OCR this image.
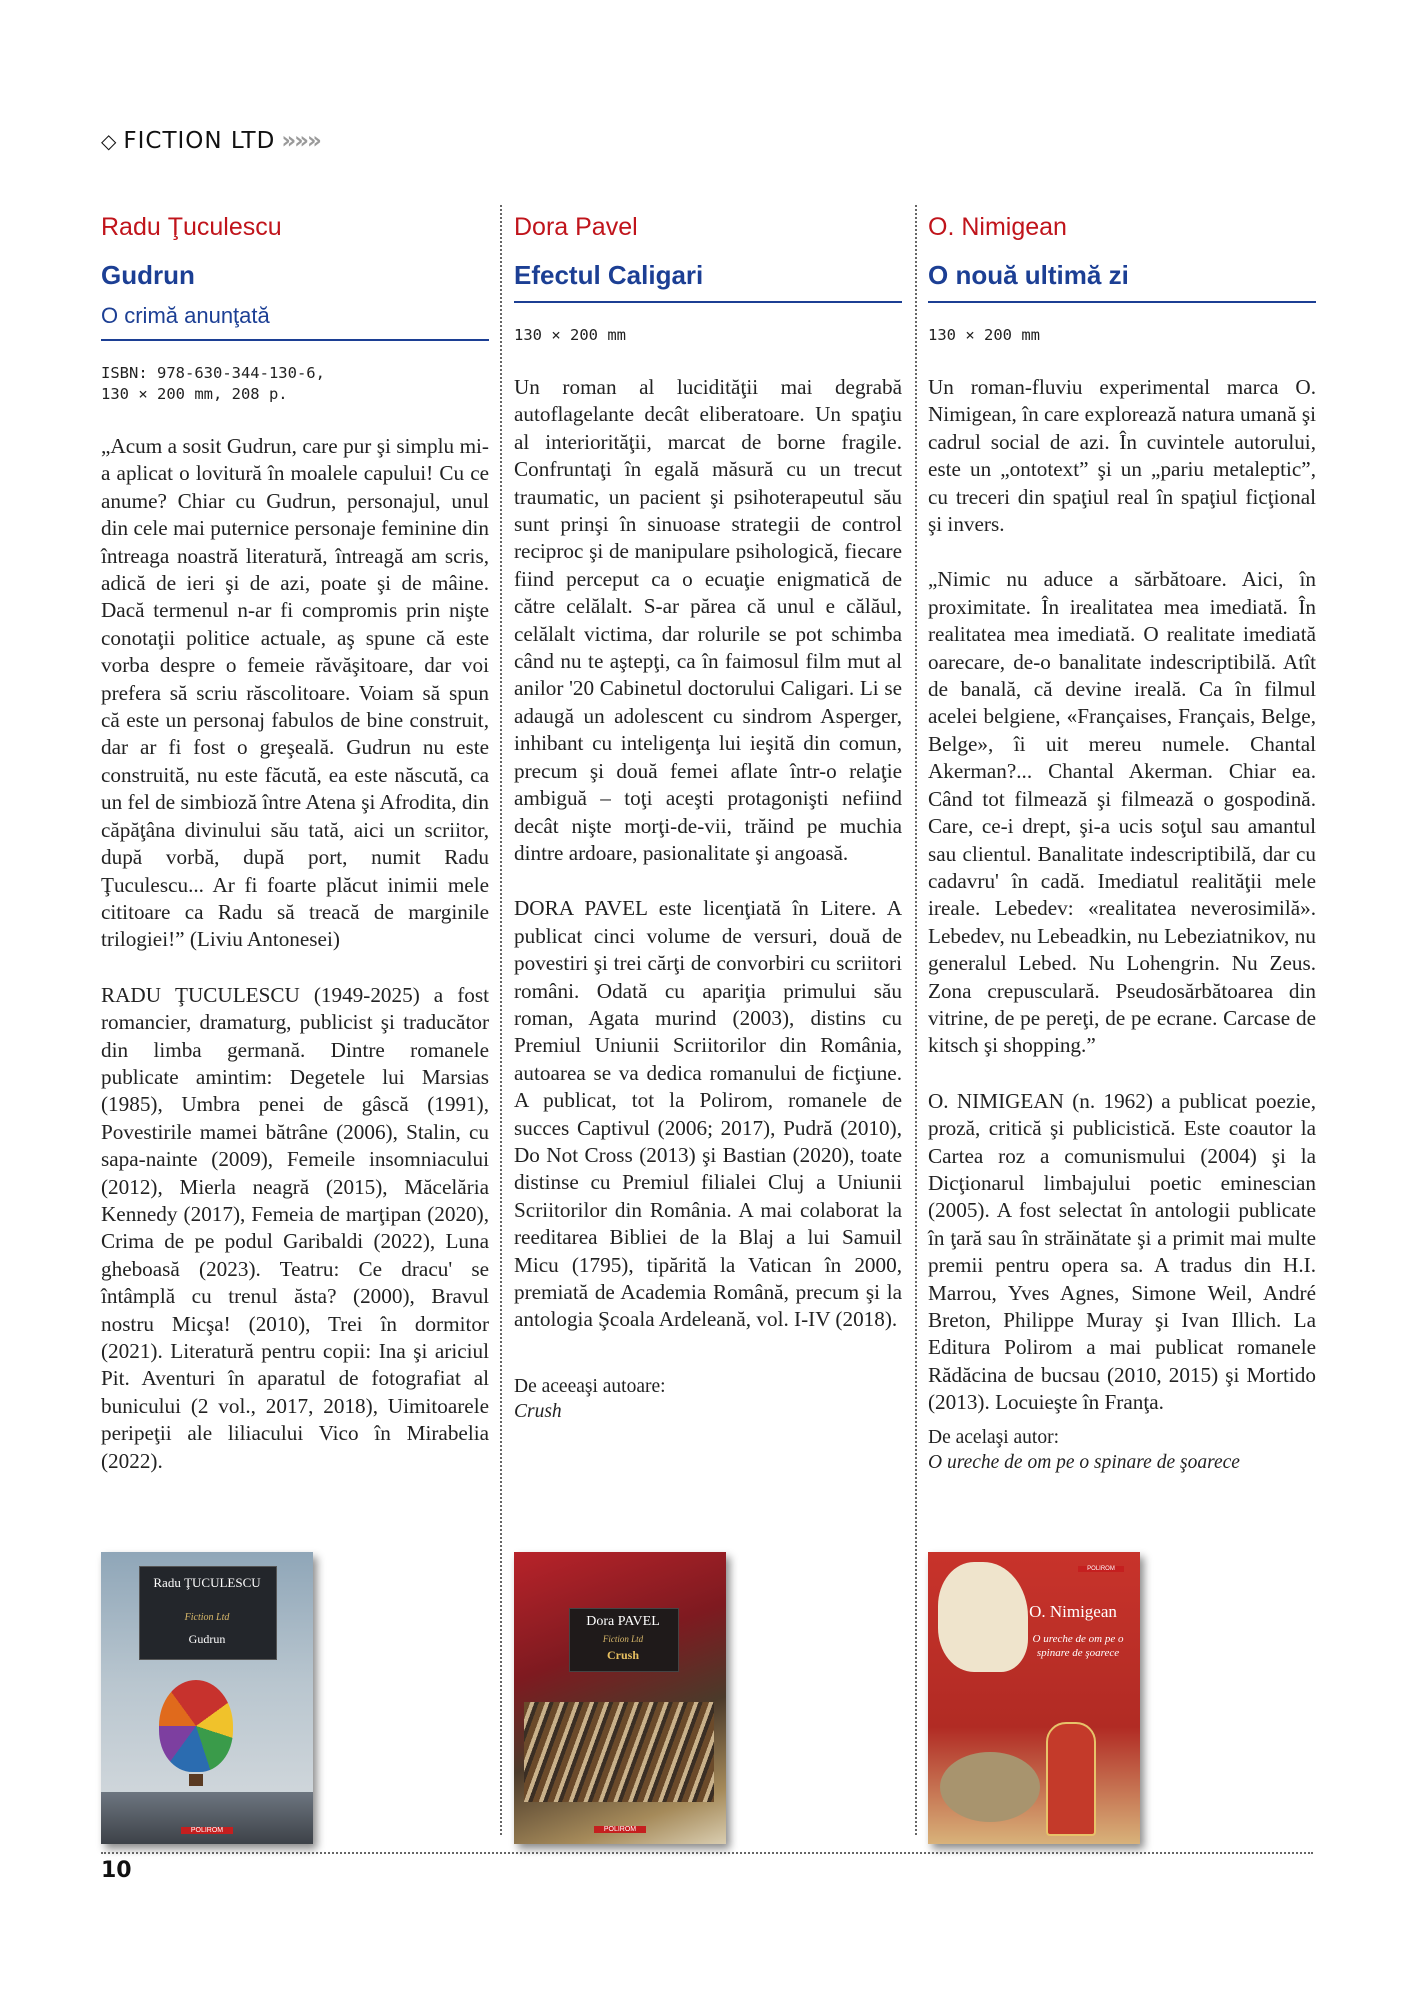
◇ FICTION LTD »»»
Radu Ţuculescu
Gudrun
O crimă anunţată
ISBN: 978-630-344-130-6,
130 × 200 mm, 208 p.
„Acum a sosit Gudrun, care pur şi simplu mi-a aplicat o lovitură în moalele capului! Cu ce anume? Chiar cu Gudrun, personajul, unul din cele mai puternice personaje feminine din întreaga noastră literatură, întreagă am scris, adică de ieri şi de azi, poate şi de mâine. Dacă termenul n-ar fi compromis prin nişte conotaţii politice actuale, aş spune că este vorba despre o femeie răvăşitoare, dar voi prefera să scriu răscolitoare. Voiam să spun că este un personaj fabulos de bine construit, dar ar fi fost o greşeală. Gudrun nu este construită, nu este făcută, ea este născută, ca un fel de simbioză între Atena şi Afrodita, din căpăţâna divinului său tată, aici un scriitor, după vorbă, după port, numit Radu Ţuculescu... Ar fi foarte plăcut inimii mele cititoare ca Radu să treacă de marginile trilogiei!” (Liviu Antonesei)
RADU ŢUCULESCU (1949-2025) a fost romancier, dramaturg, publicist şi traducător din limba germană. Dintre romanele publicate amintim: Degetele lui Marsias (1985), Umbra penei de gâscă (1991), Povestirile mamei bătrâne (2006), Stalin, cu sapa-nainte (2009), Femeile insomniacului (2012), Mierla neagră (2015), Măcelăria Kennedy (2017), Femeia de marţipan (2020), Crima de pe podul Garibaldi (2022), Luna gheboasă (2023). Teatru: Ce dracu' se întâmplă cu trenul ăsta? (2000), Bravul nostru Micşa! (2010), Trei în dormitor (2021). Literatură pentru copii: Ina şi ariciul Pit. Aventuri în aparatul de fotografiat al bunicului (2 vol., 2017, 2018), Uimitoarele peripeţii ale liliacului Vico în Mirabelia (2022).
Radu ŢUCULESCU
Fiction Ltd
Gudrun
POLIROM
Dora Pavel
Efectul Caligari
130 × 200 mm
Un roman al lucidităţii mai degrabă autoflagelante decât eliberatoare. Un spaţiu al interiorităţii, marcat de borne fragile. Confruntaţi în egală măsură cu un trecut traumatic, un pacient şi psihoterapeutul său sunt prinşi în sinuoase strategii de control reciproc şi de manipulare psihologică, fiecare fiind perceput ca o ecuaţie enigmatică de către celălalt. S-ar părea că unul e călăul, celălalt victima, dar rolurile se pot schimba când nu te aştepţi, ca în faimosul film mut al anilor '20 Cabinetul doctorului Caligari. Li se adaugă un adolescent cu sindrom Asperger, inhibant cu inteligenţa lui ieşită din comun, precum şi două femei aflate într-o relaţie ambiguă – toţi aceşti protagonişti nefiind decât nişte morţi-de-vii, trăind pe muchia dintre ardoare, pasionalitate şi angoasă.
DORA PAVEL este licenţiată în Litere. A publicat cinci volume de versuri, două de povestiri şi trei cărţi de convorbiri cu scriitori români. Odată cu apariţia primului său roman, Agata murind (2003), distins cu Premiul Uniunii Scriitorilor din România, autoarea se va dedica romanului de ficţiune. A publicat, tot la Polirom, romanele de succes Captivul (2006; 2017), Pudră (2010), Do Not Cross (2013) şi Bastian (2020), toate distinse cu Premiul filialei Cluj a Uniunii Scriitorilor din România. A mai colaborat la reeditarea Bibliei de la Blaj a lui Samuil Micu (1795), tipărită la Vatican în 2000, premiată de Academia Română, precum şi la antologia Şcoala Ardeleană, vol. I-IV (2018).
De aceeaşi autoare:
Crush
Dora PAVEL
Fiction Ltd
Crush
POLIROM
O. Nimigean
O nouă ultimă zi
130 × 200 mm
Un roman-fluviu experimental marca O. Nimigean, în care explorează natura umană şi cadrul social de azi. În cuvintele autorului, este un „ontotext” şi un „pariu metaleptic”, cu treceri din spaţiul real în spaţiul ficţional şi invers.
„Nimic nu aduce a sărbătoare. Aici, în proximitate. În irealitatea mea imediată. În realitatea mea imediată. O realitate imediată oarecare, de-o banalitate indescriptibilă. Atît de banală, că devine ireală. Ca în filmul acelei belgiene, «Françaises, Français, Belge, Belge», îi uit mereu numele. Chantal Akerman?... Chantal Akerman. Chiar ea. Când tot filmează şi filmează o gospodină. Care, ce-i drept, şi-a ucis soţul sau amantul sau clientul. Banalitate indescriptibilă, dar cu cadavru' în cadă. Imediatul realităţii mele ireale. Lebedev: «realitatea neverosimilă». Lebedev, nu Lebeadkin, nu Lebeziatnikov, nu generalul Lebed. Nu Lohengrin. Nu Zeus. Zona crepusculară. Pseudosărbătoarea din vitrine, de pe pereţi, de pe ecrane. Carcase de kitsch şi shopping.”
O. NIMIGEAN (n. 1962) a publicat poezie, proză, critică şi publicistică. Este coautor la Cartea roz a comunismului (2004) şi la Dicţionarul limbajului poetic eminescian (2005). A fost selectat în antologii publicate în ţară sau în străinătate şi a primit mai multe premii pentru opera sa. A tradus din H.I. Marrou, Yves Agnes, Simone Weil, André Breton, Philippe Muray şi Ivan Illich. La Editura Polirom a mai publicat romanele Rădăcina de bucsau (2010, 2015) şi Mortido (2013). Locuieşte în Franţa.
De acelaşi autor:
O ureche de om pe o spinare de şoarece
O. Nimigean
O ureche de om pe o spinare de şoarece
POLIROM
10
